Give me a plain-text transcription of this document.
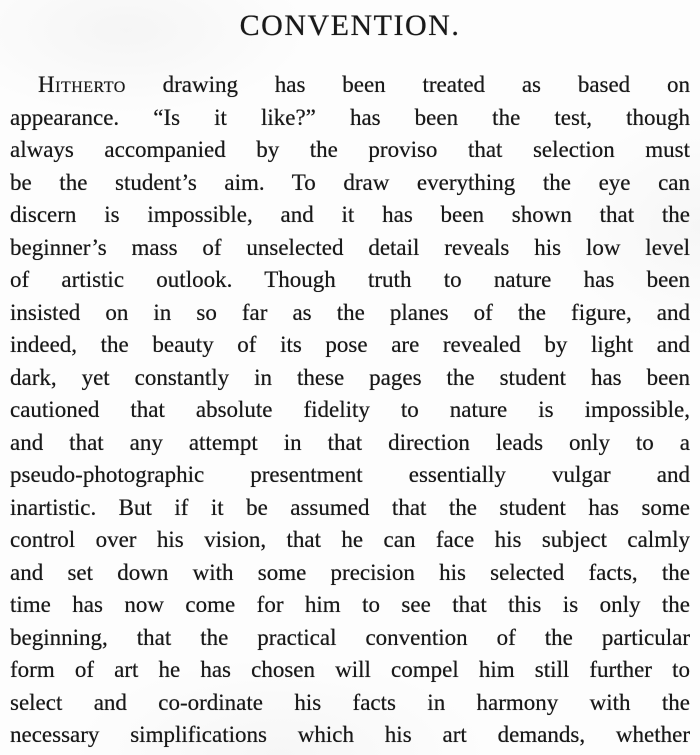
CONVENTION.
Hitherto drawing has been treated as based on
appearance. “Is it like?” has been the test, though
always accompanied by the proviso that selection must
be the student’s aim. To draw everything the eye can
discern is impossible, and it has been shown that the
beginner’s mass of unselected detail reveals his low level
of artistic outlook. Though truth to nature has been
insisted on in so far as the planes of the figure, and
indeed, the beauty of its pose are revealed by light and
dark, yet constantly in these pages the student has been
cautioned that absolute fidelity to nature is impossible,
and that any attempt in that direction leads only to a
pseudo-photographic presentment essentially vulgar and
inartistic. But if it be assumed that the student has some
control over his vision, that he can face his subject calmly
and set down with some precision his selected facts, the
time has now come for him to see that this is only the
beginning, that the practical convention of the particular
form of art he has chosen will compel him still further to
select and co-ordinate his facts in harmony with the
necessary simplifications which his art demands, whether
